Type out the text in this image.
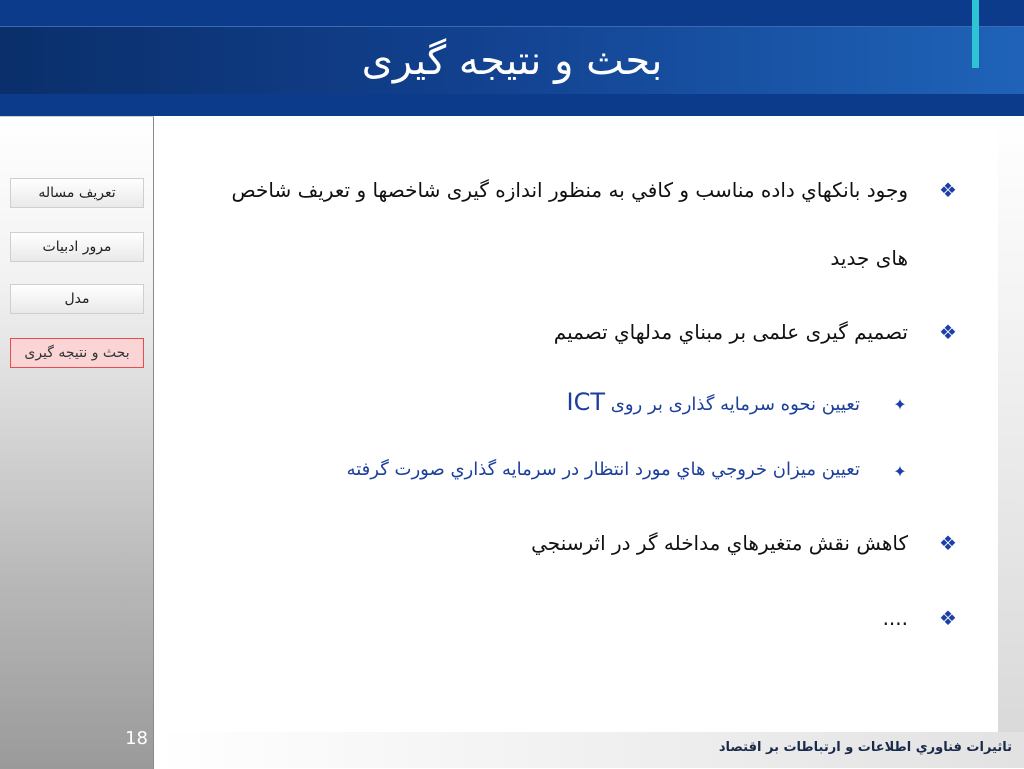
بحث و نتیجه گیری
تعریف مساله
مرور ادبیات
مدل
بحث و نتیجه گیری
18	تاثيرات فناوري اطلاعات و ارتباطات بر اقتصاد
❖
وجود بانكهاي داده مناسب و كافي به منظور اندازه گيری شاخصها و تعريف شاخص
های جدید
❖
تصميم گيری علمی بر مبناي مدلهاي تصميم
✦
تعيين نحوه سرمايه گذاری بر روی ICT
✦
تعيين ميزان خروجي هاي مورد انتظار در سرمايه گذاري صورت گرفته
❖
كاهش نقش متغيرهاي مداخله گر در اثرسنجي
❖
....
